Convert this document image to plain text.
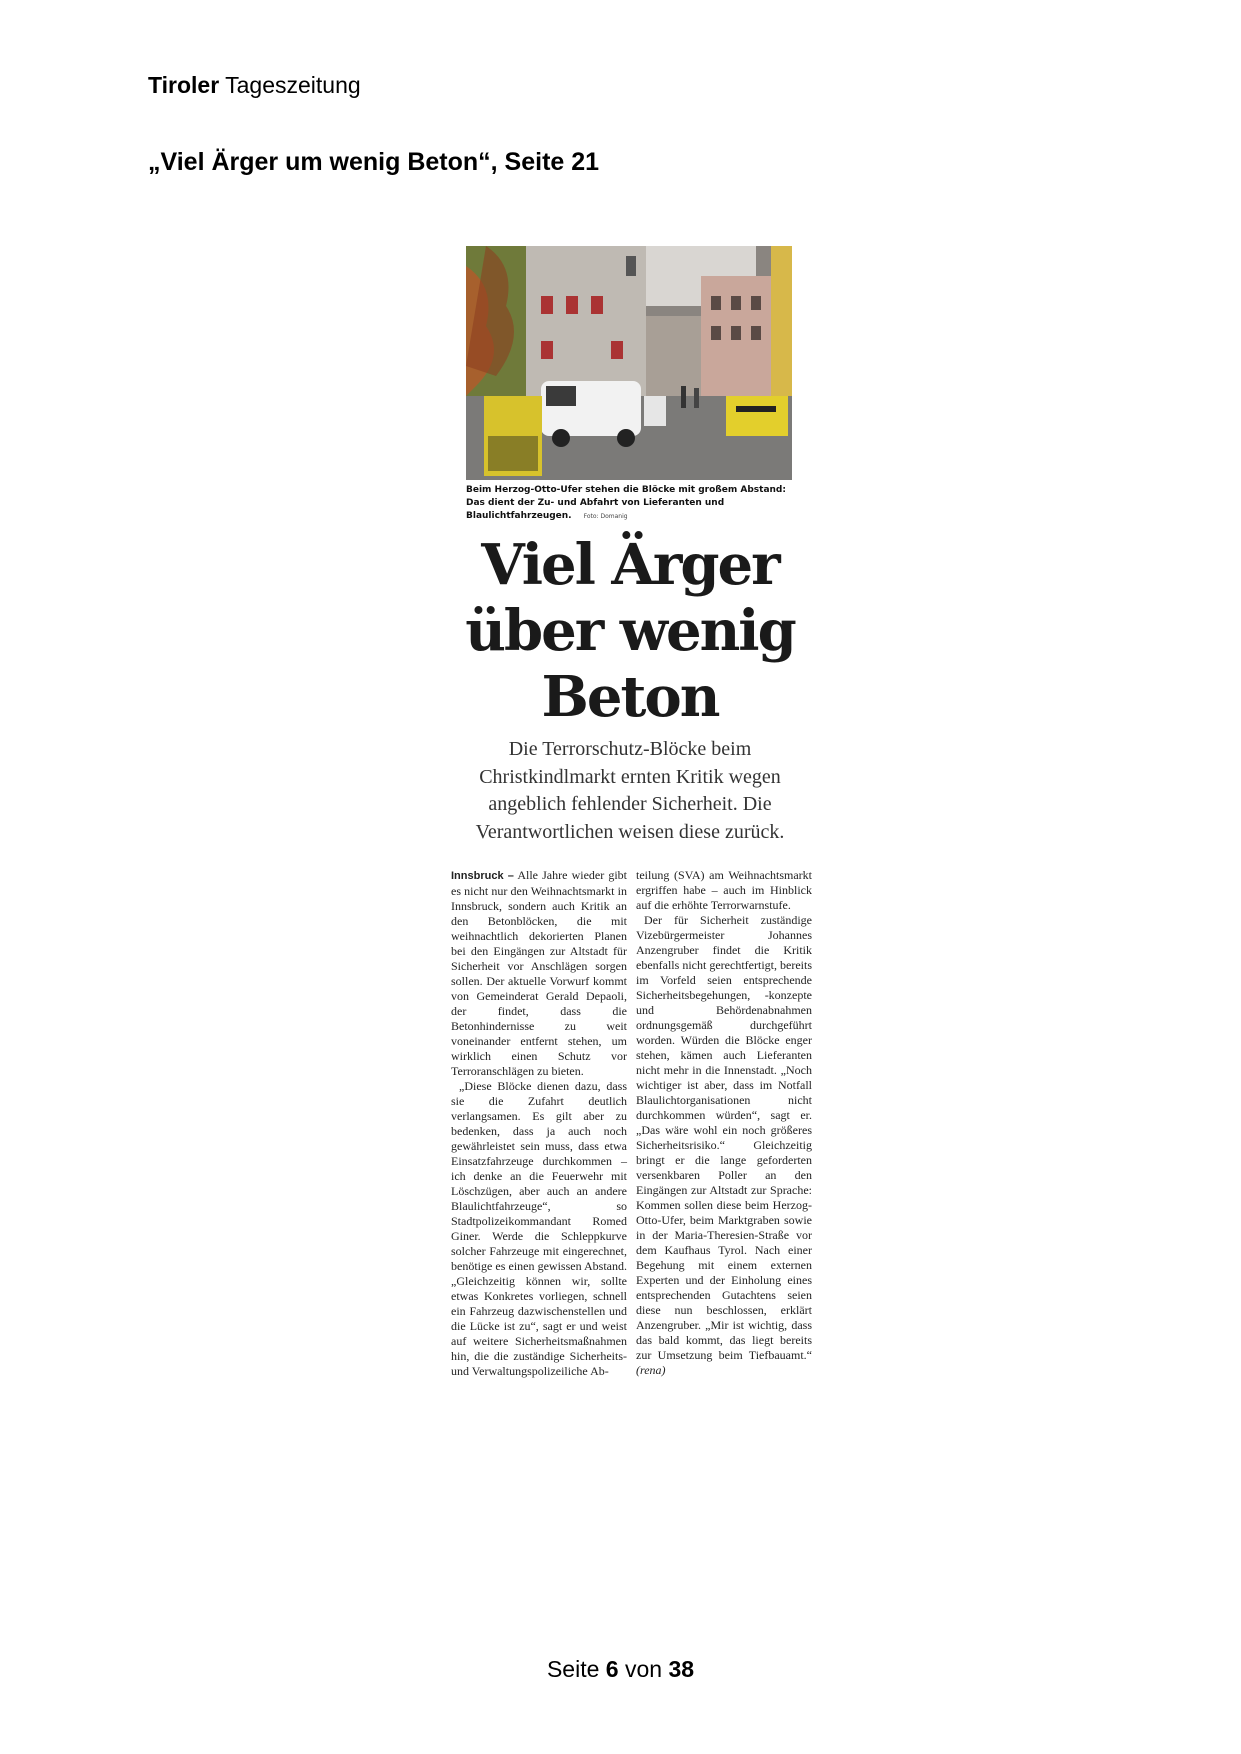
Tiroler Tageszeitung
„Viel Ärger um wenig Beton“, Seite 21
Beim Herzog-Otto-Ufer stehen die Blöcke mit großem Abstand: Das dient der Zu- und Abfahrt von Lieferanten und Blaulichtfahrzeugen. Foto: Domanig
Viel Ärger über wenig Beton
Die Terrorschutz-Blöcke beim Christkindlmarkt ernten Kritik wegen angeblich fehlender Sicherheit. Die Verantwortlichen weisen diese zurück.

Innsbruck – Alle Jahre wieder gibt es nicht nur den Weihnachtsmarkt in Innsbruck, sondern auch Kritik an den Betonblöcken, die mit weihnachtlich dekorierten Planen bei den Eingängen zur Altstadt für Sicherheit vor Anschlägen sorgen sollen. Der aktuelle Vorwurf kommt von Gemeinderat Gerald Depaoli, der findet, dass die Betonhindernisse zu weit voneinander entfernt stehen, um wirklich einen Schutz vor Terroranschlägen zu bieten.

„Diese Blöcke dienen dazu, dass sie die Zufahrt deutlich verlangsamen. Es gilt aber zu bedenken, dass ja auch noch gewährleistet sein muss, dass etwa Einsatzfahrzeuge durchkommen – ich denke an die Feuerwehr mit Löschzügen, aber auch an andere Blaulichtfahrzeuge“, so Stadtpolizeikommandant Romed Giner. Werde die Schleppkurve solcher Fahrzeuge mit eingerechnet, benötige es einen gewissen Abstand. „Gleichzeitig können wir, sollte etwas Konkretes vorliegen, schnell ein Fahrzeug dazwischenstellen und die Lücke ist zu“, sagt er und weist auf weitere Sicherheitsmaßnahmen hin, die die zuständige Sicherheits- und Verwaltungspolizeiliche Ab-

teilung (SVA) am Weihnachtsmarkt ergriffen habe – auch im Hinblick auf die erhöhte Terrorwarnstufe.

Der für Sicherheit zuständige Vizebürgermeister Johannes Anzengruber findet die Kritik ebenfalls nicht gerechtfertigt, bereits im Vorfeld seien entsprechende Sicherheitsbegehungen, -konzepte und Behördenabnahmen ordnungsgemäß durchgeführt worden. Würden die Blöcke enger stehen, kämen auch Lieferanten nicht mehr in die Innenstadt. „Noch wichtiger ist aber, dass im Notfall Blaulichtorganisationen nicht durchkommen würden“, sagt er. „Das wäre wohl ein noch größeres Sicherheitsrisiko.“ Gleichzeitig bringt er die lange geforderten versenkbaren Poller an den Eingängen zur Altstadt zur Sprache: Kommen sollen diese beim Herzog-Otto-Ufer, beim Marktgraben sowie in der Maria-Theresien-Straße vor dem Kaufhaus Tyrol. Nach einer Begehung mit einem externen Experten und der Einholung eines entsprechenden Gutachtens seien diese nun beschlossen, erklärt Anzengruber. „Mir ist wichtig, dass das bald kommt, das liegt bereits zur Umsetzung beim Tiefbauamt.“ (rena)

Seite 6 von 38
